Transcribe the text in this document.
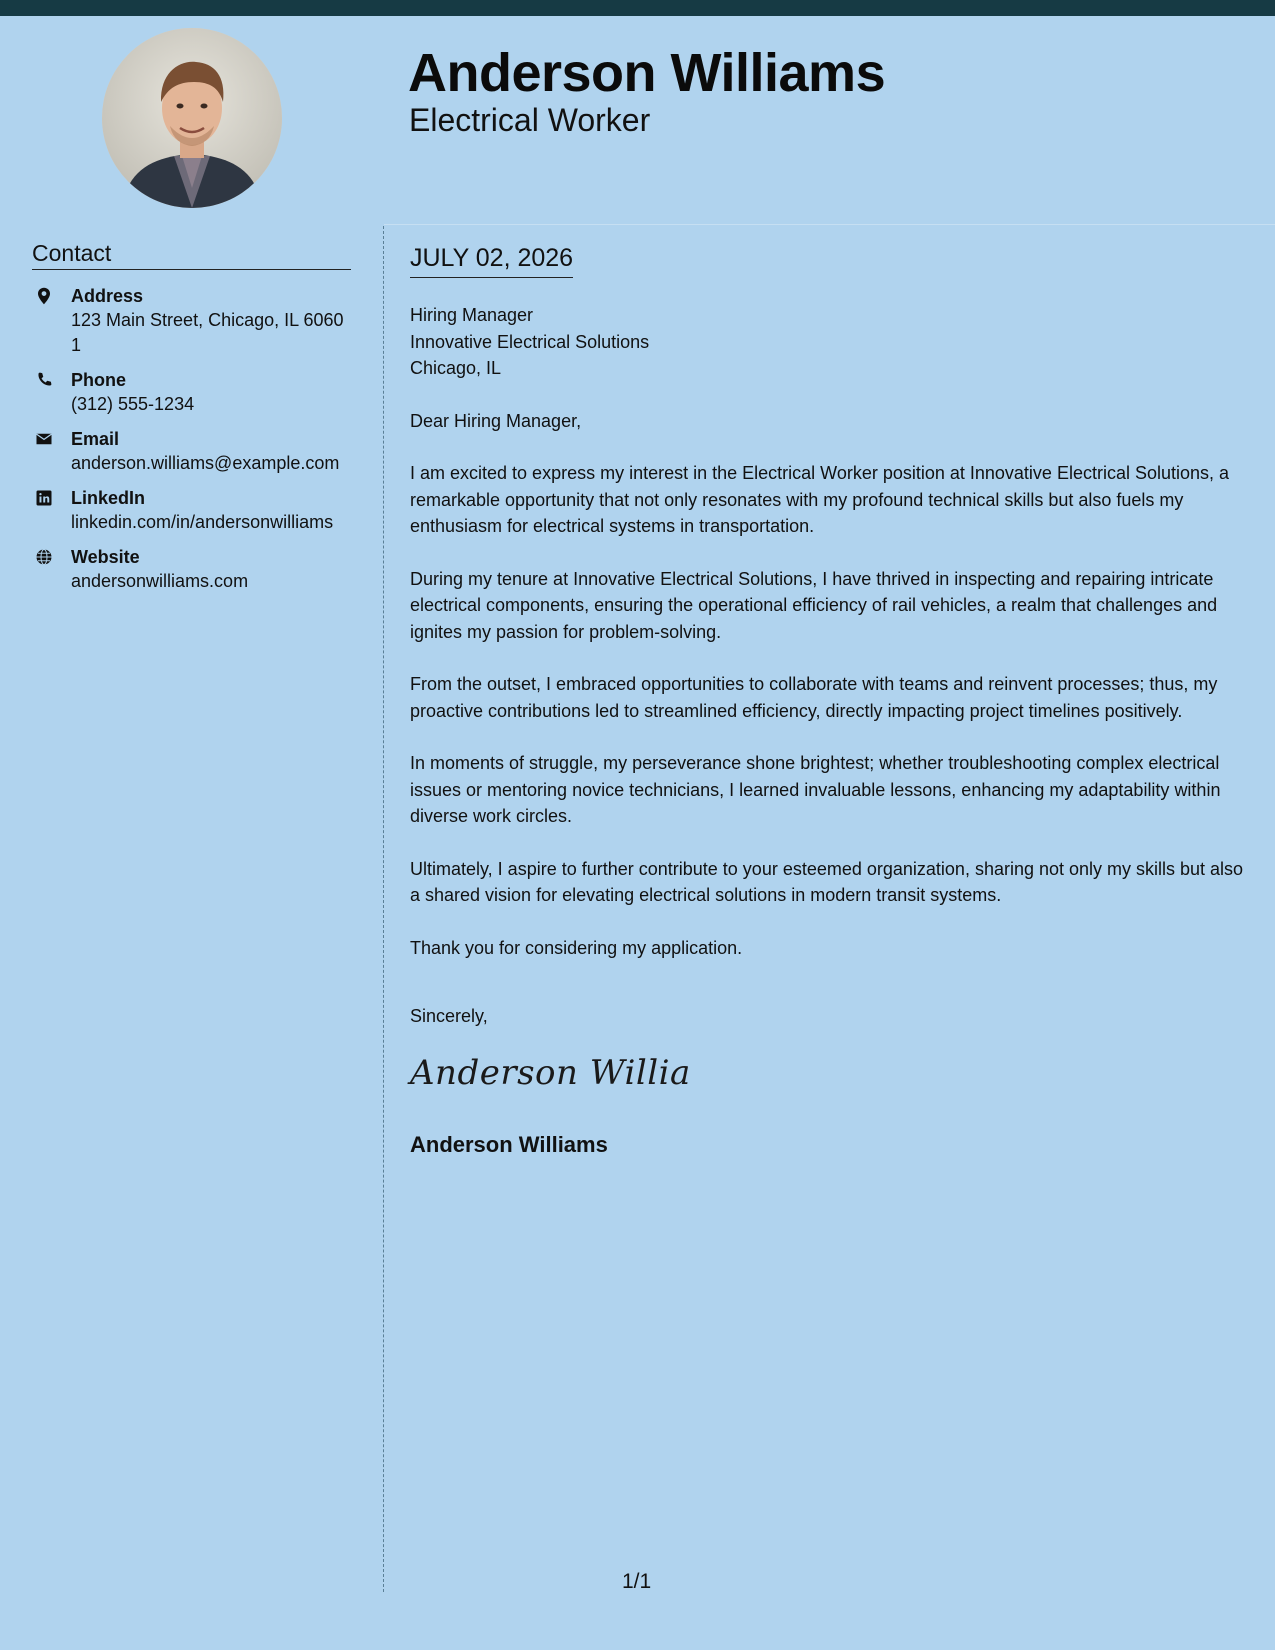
Anderson Williams
Electrical Worker
Contact
Address
123 Main Street, Chicago, IL 60601
Phone
(312) 555-1234
Email
anderson.williams@example.com
LinkedIn
linkedin.com/in/andersonwilliams
Website
andersonwilliams.com
JULY 02, 2026
Hiring Manager
Innovative Electrical Solutions
Chicago, IL

Dear Hiring Manager,

I am excited to express my interest in the Electrical Worker position at Innovative Electrical Solutions, a remarkable opportunity that not only resonates with my profound technical skills but also fuels my enthusiasm for electrical systems in transportation.

During my tenure at Innovative Electrical Solutions, I have thrived in inspecting and repairing intricate electrical components, ensuring the operational efficiency of rail vehicles, a realm that challenges and ignites my passion for problem-solving.

From the outset, I embraced opportunities to collaborate with teams and reinvent processes; thus, my proactive contributions led to streamlined efficiency, directly impacting project timelines positively.

In moments of struggle, my perseverance shone brightest; whether troubleshooting complex electrical issues or mentoring novice technicians, I learned invaluable lessons, enhancing my adaptability within diverse work circles.

Ultimately, I aspire to further contribute to your esteemed organization, sharing not only my skills but also a shared vision for elevating electrical solutions in modern transit systems.

Thank you for considering my application.

Sincerely,
Anderson Willia
Anderson Williams
1/1
